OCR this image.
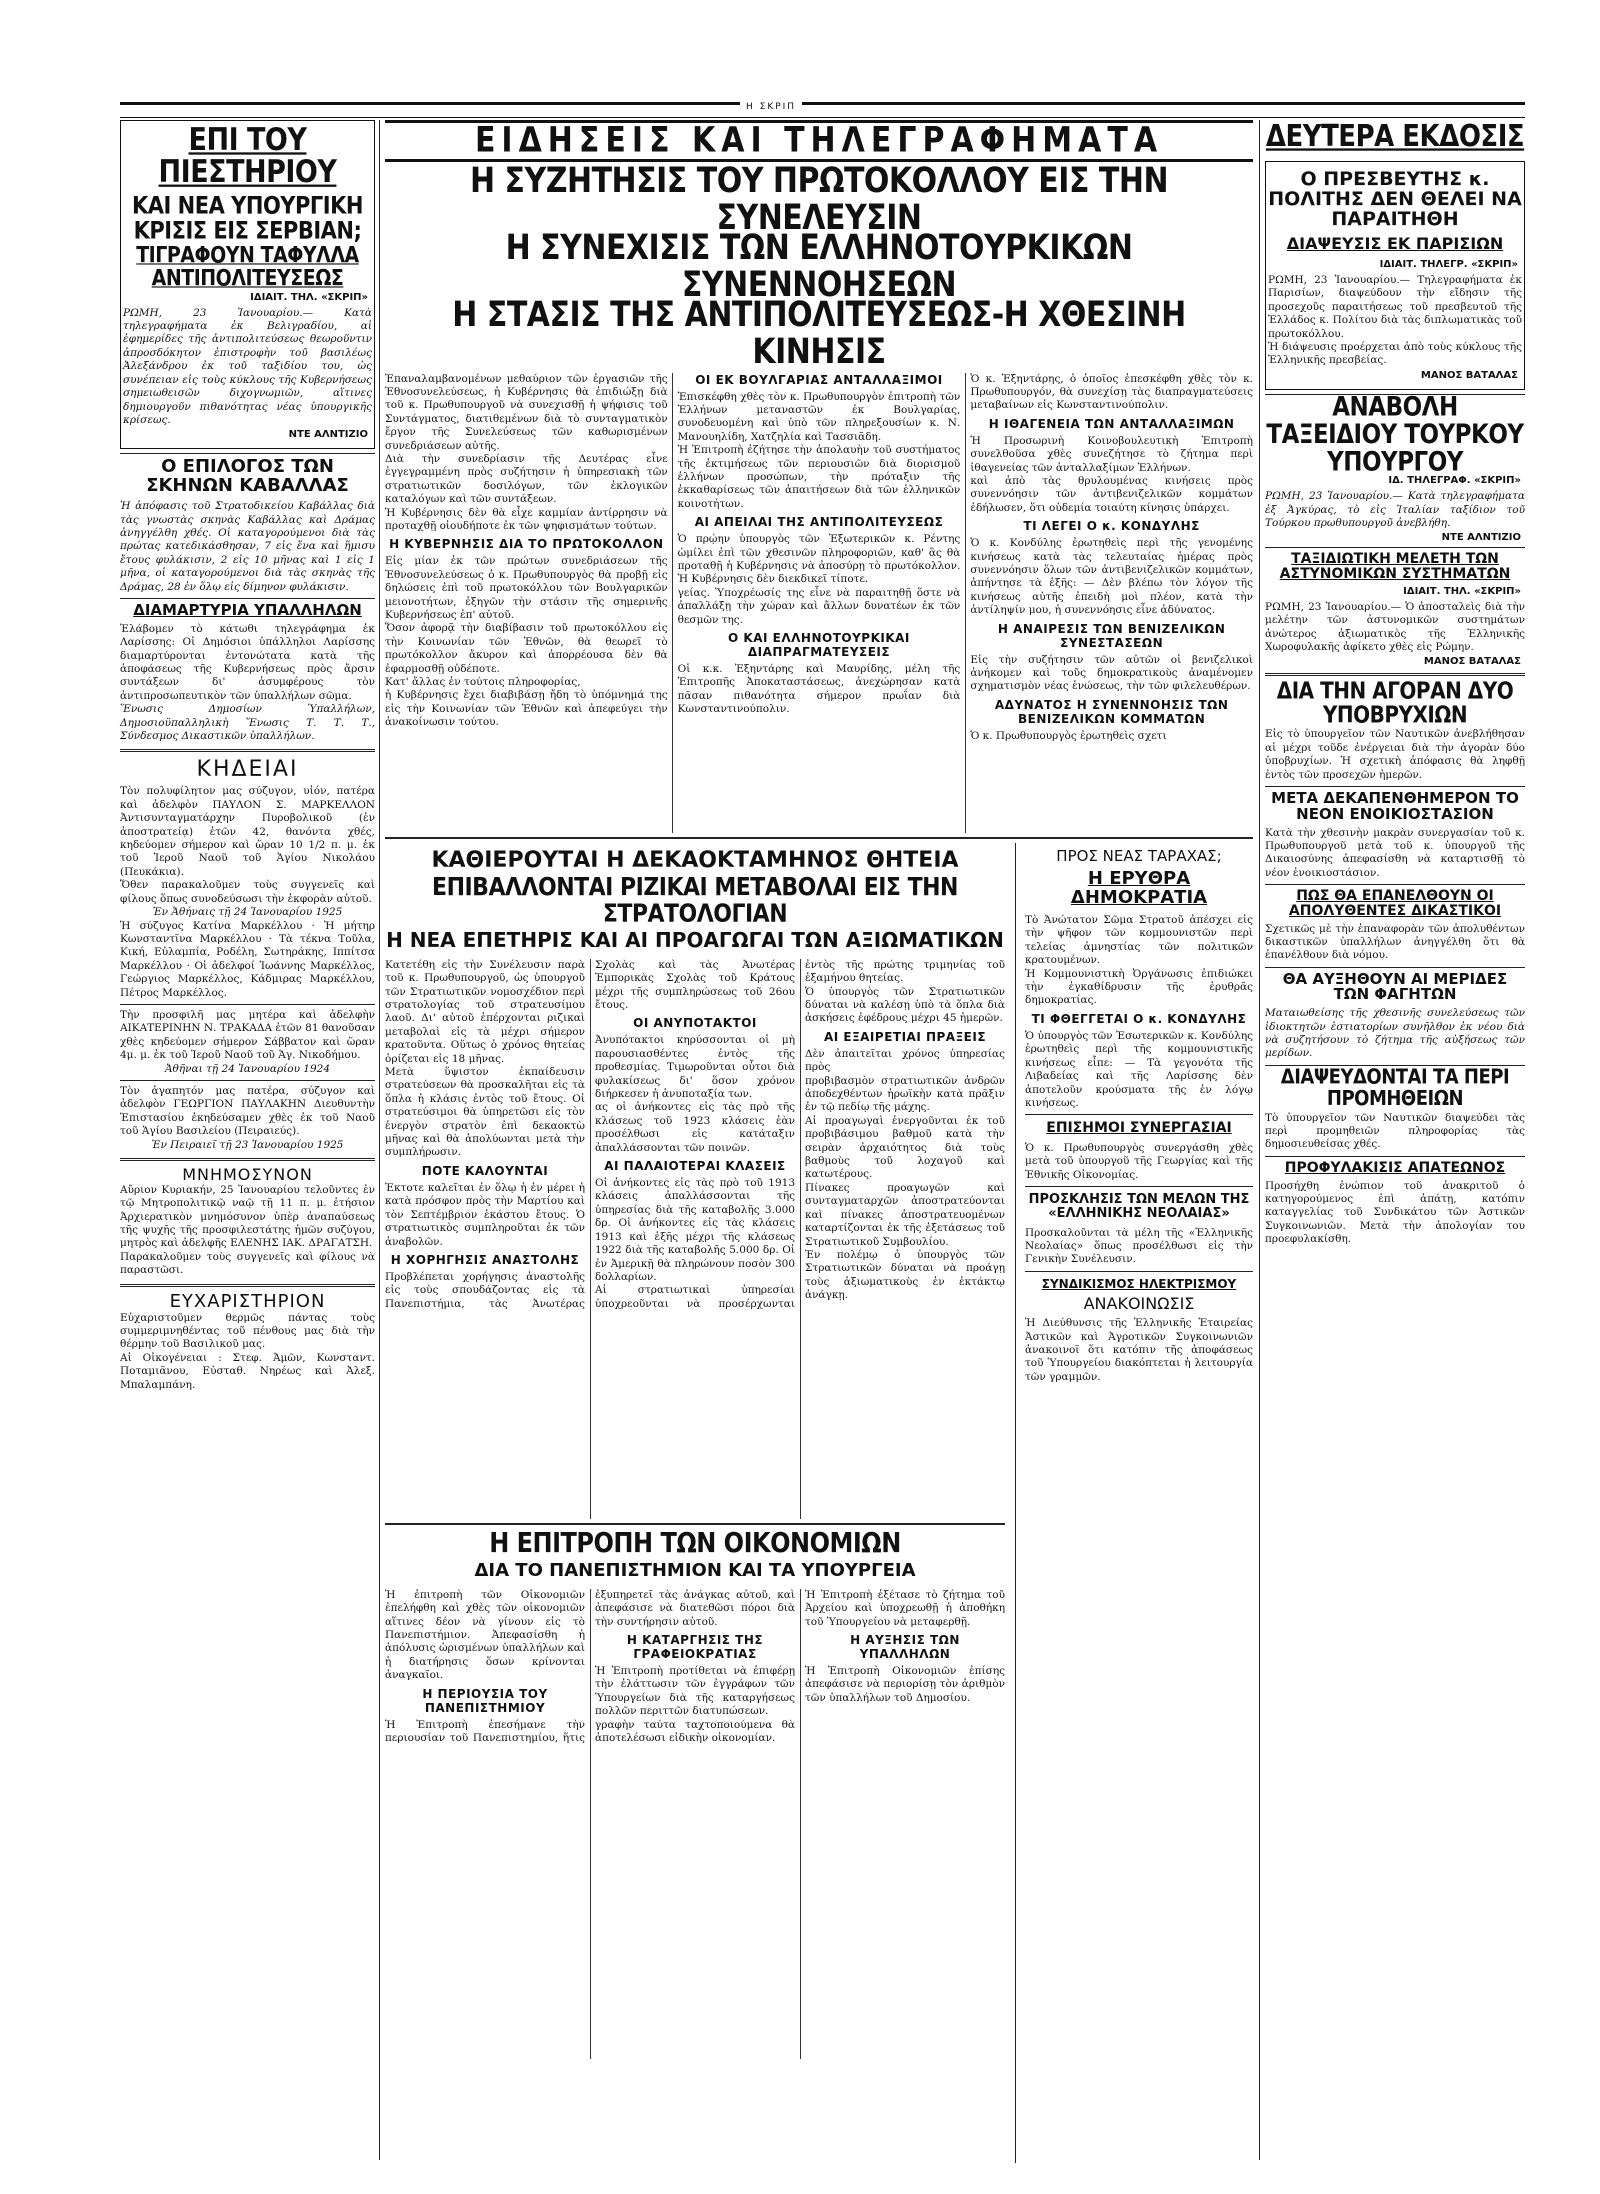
Η ΣΚΡΙΠ

ΕΠΙ ΤΟΥ ΠΙΕΣΤΗΡΙΟΥ

ΚΑΙ ΝΕΑ ΥΠΟΥΡΓΙΚΗ ΚΡΙΣΙΣ ΕΙΣ ΣΕΡΒΙΑΝ;

ΤΙΓΡΑΦΟΥΝ ΤΑΦΥΛΛΑ ΑΝΤΙΠΟΛΙΤΕΥΣΕΩΣ

ΙΔΙΑΙΤ. ΤΗΛ. «ΣΚΡΙΠ»

ΡΩΜΗ, 23 Ἰανουαρίου.— Κατὰ τηλεγραφήματα ἐκ Βελιγραδίου, αἱ ἐφημερίδες τῆς ἀντιπολιτεύσεως θεωροῦντιν ἀπροσδόκητον ἐπιστροφὴν τοῦ βασιλέως Ἀλεξάνδρου ἐκ τοῦ ταξιδίου του, ὡς συνέπειαν εἰς τοὺς κύκλους τῆς Κυβερνήσεως σημειωθεισῶν διχογνωμιῶν, αἵτινες δημιουργοῦν πιθανότητας νέας ὑπουργικῆς κρίσεως.

ΝΤΕ ΑΛΝΤΙΖΙΟ

Ο ΕΠΙΛΟΓΟΣ ΤΩΝ ΣΚΗΝΩΝ ΚΑΒΑΛΛΑΣ

Ἡ ἀπόφασις τοῦ Στρατοδικείου Καβάλλας διὰ τὰς γνωστὰς σκηνὰς Καβάλλας καὶ Δράμας ἀνηγγέλθη χθές. Οἱ καταγορούμενοι διὰ τὰς πρώτας κατεδικάσθησαν, 7 εἰς ἕνα καὶ ἥμισυ ἔτους φυλάκισιν, 2 εἰς 10 μῆνας καὶ 1 εἰς 1 μῆνα, οἱ καταγορούμενοι διὰ τὰς σκηνὰς τῆς Δράμας, 28 ἐν ὅλῳ εἰς δίμηνον φυλάκισιν.

ΔΙΑΜΑΡΤΥΡΙΑ ΥΠΑΛΛΗΛΩΝ

Ἐλάβομεν τὸ κάτωθι τηλεγράφημα ἐκ Λαρίσσης: Οἱ Δημόσιοι ὑπάλληλοι Λαρίσσης διαμαρτύρονται ἐντονώτατα κατὰ τῆς ἀποφάσεως τῆς Κυβερνήσεως πρὸς ἄρσιν συντάξεων δι' ἀσυμφέρους τὸν ἀντιπροσωπευτικὸν τῶν ὑπαλλήλων σῶμα.

Ἕνωσις Δημοσίων Ὑπαλλήλων, Δημοσιοϋπαλληλικὴ Ἕνωσις Τ. Τ. Τ., Σύνδεσμος Δικαστικῶν ὑπαλλήλων.

ΚΗΔΕΙΑΙ

Τὸν πολυφίλητον μας σύζυγον, υἱόν, πατέρα καὶ ἀδελφὸν ΠΑΥΛΟΝ Σ. ΜΑΡΚΕΛΛΟΝ Ἀντισυνταγματάρχην Πυροβολικοῦ (ἐν ἀποστρατείᾳ) ἐτῶν 42, θανόντα χθές, κηδεύομεν σήμερον καὶ ὥραν 10 1/2 π. μ. ἐκ τοῦ Ἱεροῦ Ναοῦ τοῦ Ἁγίου Νικολάου (Πευκάκια).

Ὅθεν παρακαλοῦμεν τοὺς συγγενεῖς καὶ φίλους ὅπως συνοδεύσωσι τὴν ἐκφορὰν αὐτοῦ.

Ἐν Ἀθήναις τῇ 24 Ἰανουαρίου 1925

Ἡ σύζυγος Κατίνα Μαρκέλλου · Ἡ μήτηρ Κωνσταντῖνα Μαρκέλλου · Τὰ τέκνα Τοῦλα, Κική, Εὐλαμπία, Ροδέλη, Σωτηράκης, Ιππίτσα Μαρκέλλου · Οἱ ἀδελφοί Ἰωάννης Μαρκέλλος, Γεώργιος Μαρκέλλος, Κάδμιρας Μαρκέλλου, Πέτρος Μαρκέλλος.

Τὴν προσφιλῆ μας μητέρα καὶ ἀδελφὴν ΑΙΚΑΤΕΡΙΝΗΝ Ν. ΤΡΑΚΑΔΑ ἐτῶν 81 θανοῦσαν χθὲς κηδεύομεν σήμερον Σάββατον καὶ ὥραν 4μ. μ. ἐκ τοῦ Ἱεροῦ Ναοῦ τοῦ Ἁγ. Νικοδήμου.

Ἀθῆναι τῇ 24 Ἰανουαρίου 1924

Τὸν ἀγαπητόν μας πατέρα, σύζυγον καὶ ἀδελφὸν ΓΕΩΡΓΙΟΝ ΠΑΥΛΑΚΗΝ Διευθυντὴν Ἐπιστασίου ἐκηδεύσαμεν χθὲς ἐκ τοῦ Ναοῦ τοῦ Ἁγίου Βασιλείου (Πειραιεύς).

Ἐν Πειραιεῖ τῇ 23 Ἰανουαρίου 1925

ΜΝΗΜΟΣΥΝΟΝ

Αὔριον Κυριακήν, 25 Ἰανουαρίου τελοῦντες ἐν τῷ Μητροπολιτικῷ ναῷ τῇ 11 π. μ. ἐτήσιον Ἀρχιερατικὸν μνημόσυνον ὑπὲρ ἀναπαύσεως τῆς ψυχῆς τῆς προσφιλεστάτης ἡμῶν συζύγου, μητρὸς καὶ ἀδελφῆς ΕΛΕΝΗΣ ΙΑΚ. ΔΡΑΓΑΤΣΗ.

Παρακαλοῦμεν τοὺς συγγενεῖς καὶ φίλους νὰ παραστῶσι.

ΕΥΧΑΡΙΣΤΗΡΙΟΝ

Εὐχαριστοῦμεν θερμῶς πάντας τοὺς συμμεριμνηθέντας τοῦ πένθους μας διὰ τὴν θέρμην τοῦ Βασιλικοῦ μας.

Αἱ Οἰκογένειαι : Στεφ. Ἀμῶν, Κωνσταντ. Ποταμιᾶνου, Εὐσταθ. Νηρέως καὶ Ἀλεξ. Μπαλαμπάνη.

ΕΙΔΗΣΕΙΣ ΚΑΙ ΤΗΛΕΓΡΑΦΗΜΑΤΑ

Η ΣΥΖΗΤΗΣΙΣ ΤΟΥ ΠΡΩΤΟΚΟΛΛΟΥ ΕΙΣ ΤΗΝ ΣΥΝΕΛΕΥΣΙΝ

Η ΣΥΝΕΧΙΣΙΣ ΤΩΝ ΕΛΛΗΝΟΤΟΥΡΚΙΚΩΝ ΣΥΝΕΝΝΟΗΣΕΩΝ

Η ΣΤΑΣΙΣ ΤΗΣ ΑΝΤΙΠΟΛΙΤΕΥΣΕΩΣ-Η ΧΘΕΣΙΝΗ ΚΙΝΗΣΙΣ

Ἐπαναλαμβανομένων μεθαύριον τῶν ἐργασιῶν τῆς Ἐθνοσυνελεύσεως, ἡ Κυβέρνησις θὰ ἐπιδιώξῃ διὰ τοῦ κ. Πρωθυπουργοῦ νὰ συνεχισθῇ ἡ ψήφισις τοῦ Συντάγματος, διατιθεμένων διὰ τὸ συνταγματικὸν ἔργον τῆς Συνελεύσεως τῶν καθωρισμένων συνεδριάσεων αὐτῆς.

Διὰ τὴν συνεδρίασιν τῆς Δευτέρας εἶνε ἐγγεγραμμένη πρὸς συζήτησιν ἡ ὑπηρεσιακὴ τῶν στρατιωτικῶν δοσιλόγων, τῶν ἐκλογικῶν καταλόγων καὶ τῶν συντάξεων.

Ἡ Κυβέρνησις δὲν θὰ εἶχε καμμίαν ἀντίρρησιν νὰ προταχθῇ οἱουδήποτε ἐκ τῶν ψηφισμάτων τούτων.

Η ΚΥΒΕΡΝΗΣΙΣ ΔΙΑ ΤΟ ΠΡΩΤΟΚΟΛΛΟΝ

Εἰς μίαν ἐκ τῶν πρώτων συνεδριάσεων τῆς Ἐθνοσυνελεύσεως ὁ κ. Πρωθυπουργὸς θὰ προβῇ εἰς δηλώσεις ἐπὶ τοῦ πρωτοκόλλου τῶν Βουλγαρικῶν μειονοτήτων, ἐξηγῶν τὴν στάσιν τῆς σημερινῆς Κυβερνήσεως ἐπ' αὐτοῦ.

Ὅσον ἀφορᾷ τὴν διαβίβασιν τοῦ πρωτοκόλλου εἰς τὴν Κοινωνίαν τῶν Ἐθνῶν, θὰ θεωρεῖ τὸ πρωτόκολλον ἄκυρον καὶ ἀπορρέουσα δὲν θὰ ἐφαρμοσθῇ οὐδέποτε.

Κατ' ἄλλας ἐν τούτοις πληροφορίας,

ἡ Κυβέρνησις ἔχει διαβιβάσῃ ἤδη τὸ ὑπόμνημά της εἰς τὴν Κοινωνίαν τῶν Ἐθνῶν καὶ ἀπεφεύγει τὴν ἀνακοίνωσιν τούτου.

ΟΙ ΕΚ ΒΟΥΛΓΑΡΙΑΣ ΑΝΤΑΛΛΑΞΙΜΟΙ

Ἐπισκέφθη χθὲς τὸν κ. Πρωθυπουργὸν ἐπιτροπὴ τῶν Ἑλλήνων μεταναστῶν ἐκ Βουλγαρίας, συνοδευομένη καὶ ὑπὸ τῶν πληρεξουσίων κ. Ν. Μανουηλίδη, Χατζηλία καὶ Τασσιᾶδη.

Ἡ Ἐπιτροπὴ ἐζήτησε τὴν ἀπολαυὴν τοῦ συστήματος τῆς ἐκτιμήσεως τῶν περιουσιῶν διὰ διορισμοῦ ἑλλήνων προσώπων, τὴν πρόταξιν τῆς ἐκκαθαρίσεως τῶν ἀπαιτήσεων διὰ τῶν ἑλληνικῶν κοινοτήτων.

ΑΙ ΑΠΕΙΛΑΙ ΤΗΣ ΑΝΤΙΠΟΛΙΤΕΥΣΕΩΣ

Ὁ πρῴην ὑπουργὸς τῶν Ἐξωτερικῶν κ. Ρέντης ὡμίλει ἐπὶ τῶν χθεσινῶν πληροφοριῶν, καθ' ἃς θὰ προταθῇ ἡ Κυβέρνησις νὰ ἀποσύρῃ τὸ πρωτόκολλον. Ἡ Κυβέρνησις δὲν διεκδικεῖ τίποτε.

γείας. Ὑποχρέωσίς της εἶνε νὰ παραιτηθῇ ὅστε νὰ ἀπαλλάξῃ τὴν χώραν καὶ ἄλλων δυνατέων ἐκ τῶν θεσμῶν της.

Ο ΚΑΙ ΕΛΛΗΝΟΤΟΥΡΚΙΚΑΙ ΔΙΑΠΡΑΓΜΑΤΕΥΣΕΙΣ

Οἱ κ.κ. Ἐξηντάρης καὶ Μαυρίδης, μέλη τῆς Ἐπιτροπῆς Ἀποκαταστάσεως, ἀνεχώρησαν κατὰ πᾶσαν πιθανότητα σήμερον πρωΐαν διὰ Κωνσταντινούπολιν.

Ὁ κ. Ἐξηντάρης, ὁ ὁποῖος ἐπεσκέφθη χθὲς τὸν κ. Πρωθυπουργόν, θὰ συνεχίσῃ τὰς διαπραγματεύσεις μεταβαίνων εἰς Κωνσταντινούπολιν.

Η ΙΘΑΓΕΝΕΙΑ ΤΩΝ ΑΝΤΑΛΛΑΞΙΜΩΝ

Ἡ Προσωρινὴ Κοινοβουλευτικὴ Ἐπιτροπὴ συνελθοῦσα χθὲς συνεζήτησε τὸ ζήτημα περὶ ἰθαγενείας τῶν ἀνταλλαξίμων Ἑλλήνων.

καὶ ἀπὸ τὰς θρυλουμένας κινήσεις πρὸς συνεννόησιν τῶν ἀντιβενιζελικῶν κομμάτων ἐδήλωσεν, ὅτι οὐδεμία τοιαύτη κίνησις ὑπάρχει.

ΤΙ ΛΕΓΕΙ Ο κ. ΚΟΝΔΥΛΗΣ

Ὁ κ. Κονδύλης ἐρωτηθεὶς περὶ τῆς γενομένης κινήσεως κατὰ τὰς τελευταίας ἡμέρας πρὸς συνεννόησιν ὅλων τῶν ἀντιβενιζελικῶν κομμάτων, ἀπήντησε τὰ ἑξῆς: — Δὲν βλέπω τὸν λόγον τῆς κινήσεως αὐτῆς ἐπειδὴ μοὶ πλέον, κατὰ τὴν ἀντίληψίν μου, ἡ συνεννόησις εἶνε ἀδύνατος.

Η ΑΝΑΙΡΕΣΙΣ ΤΩΝ ΒΕΝΙΖΕΛΙΚΩΝ ΣΥΝΕΣΤΑΣΕΩΝ

Εἰς τὴν συζήτησιν τῶν αὐτῶν οἱ βενιζελικοὶ ἀνήκομεν καὶ τοῦς δημοκρατικοὺς ἀναμένομεν σχηματισμὸν νέας ἑνώσεως, τὴν τῶν φιλελευθέρων.

ΑΔΥΝΑΤΟΣ Η ΣΥΝΕΝΝΟΗΣΙΣ ΤΩΝ ΒΕΝΙΖΕΛΙΚΩΝ ΚΟΜΜΑΤΩΝ

Ὁ κ. Πρωθυπουργὸς ἐρωτηθεὶς σχετι

ΚΑΘΙΕΡΟΥΤΑΙ Η ΔΕΚΑΟΚΤΑΜΗΝΟΣ ΘΗΤΕΙΑ

ΕΠΙΒΑΛΛΟΝΤΑΙ ΡΙΖΙΚΑΙ ΜΕΤΑΒΟΛΑΙ ΕΙΣ ΤΗΝ ΣΤΡΑΤΟΛΟΓΙΑΝ

Η ΝΕΑ ΕΠΕΤΗΡΙΣ ΚΑΙ ΑΙ ΠΡΟΑΓΩΓΑΙ ΤΩΝ ΑΞΙΩΜΑΤΙΚΩΝ

Κατετέθη εἰς τὴν Συνέλευσιν παρὰ τοῦ κ. Πρωθυπουργοῦ, ὡς ὑπουργοῦ τῶν Στρατιωτικῶν νομοσχέδιον περὶ στρατολογίας τοῦ στρατευσίμου λαοῦ. Δι' αὐτοῦ ἐπέρχονται ριζικαὶ μεταβολαὶ εἰς τὰ μέχρι σήμερον κρατοῦντα. Οὕτως ὁ χρόνος θητείας ὁρίζεται εἰς 18 μῆνας.

Μετὰ ὕψιστον ἐκπαίδευσιν στρατεύσεων θὰ προσκαλῆται εἰς τὰ ὅπλα ἡ κλάσις ἐντὸς τοῦ ἔτους. Οἱ στρατεύσιμοι θὰ ὑπηρετῶσι εἰς τὸν ἐνεργὸν στρατὸν ἐπὶ δεκαοκτὼ μῆνας καὶ θὰ ἀπολύωνται μετὰ τὴν συμπλήρωσιν.

ΠΟΤΕ ΚΑΛΟΥΝΤΑΙ

Ἐκτοτε καλεῖται ἐν ὅλῳ ἡ ἐν μέρει ἡ κατὰ πρόσφον πρὸς τὴν Μαρτίου καὶ τὸν Σεπτέμβριον ἑκάστου ἔτους. Ὁ στρατιωτικὸς συμπληροῦται ἐκ τῶν ἀναβολῶν.

Η ΧΟΡΗΓΗΣΙΣ ΑΝΑΣΤΟΛΗΣ

Προβλέπεται χορήγησις ἀναστολῆς εἰς τοὺς σπουδάζοντας εἰς τὰ Πανεπιστήμια, τὰς Ἀνωτέρας Σχολὰς καὶ τὰς Ἀνωτέρας Ἐμπορικὰς Σχολὰς τοῦ Κράτους μέχρι τῆς συμπληρώσεως τοῦ 26ου ἔτους.

ΟΙ ΑΝΥΠΟΤΑΚΤΟΙ

Ἀνυπότακτοι κηρύσσονται οἱ μὴ παρουσιασθέντες ἐντὸς τῆς προθεσμίας. Τιμωροῦνται οὗτοι διὰ φυλακίσεως δι' ὅσον χρόνον διήρκεσεν ἡ ἀνυποταξία των.

ας οἱ ἀνήκοντες εἰς τὰς πρὸ τῆς κλάσεως τοῦ 1923 κλάσεις ἐὰν προσέλθωσι εἰς κατάταξιν ἀπαλλάσσονται τῶν ποινῶν.

ΑΙ ΠΑΛΑΙΟΤΕΡΑΙ ΚΛΑΣΕΙΣ

Οἱ ἀνήκοντες εἰς τὰς πρὸ τοῦ 1913 κλάσεις ἀπαλλάσσονται τῆς ὑπηρεσίας διὰ τῆς καταβολῆς 3.000 δρ. Οἱ ἀνήκοντες εἰς τὰς κλάσεις 1913 καὶ ἑξῆς μέχρι τῆς κλάσεως 1922 διὰ τῆς καταβολῆς 5.000 δρ. Οἱ ἐν Ἀμερικῇ θὰ πληρώνουν ποσὸν 300 δολλαρίων.

Αἱ στρατιωτικαὶ ὑπηρεσίαι ὑποχρεοῦνται νὰ προσέρχωνται ἐντὸς τῆς πρώτης τριμηνίας τοῦ ἑξαμήνου θητείας.

Ὁ ὑπουργὸς τῶν Στρατιωτικῶν δύναται νὰ καλέσῃ ὑπὸ τὰ ὅπλα διὰ ἀσκήσεις ἐφέδρους μέχρι 45 ἡμερῶν.

ΑΙ ΕΞΑΙΡΕΤΙΑΙ ΠΡΑΞΕΙΣ

Δὲν ἀπαιτεῖται χρόνος ὑπηρεσίας πρὸς

προβιβασμὸν στρατιωτικῶν ἀνδρῶν ἀποδεχθέντων ἡρωϊκὴν κατὰ πρᾶξιν ἐν τῷ πεδίῳ τῆς μάχης.

Αἱ προαγωγαὶ ἐνεργοῦνται ἐκ τοῦ προβιβάσιμου βαθμοῦ κατὰ τὴν σειρὰν ἀρχαιότητος διὰ τοὺς βαθμοὺς τοῦ λοχαγοῦ καὶ κατωτέρους.

Πίνακες προαγωγῶν καὶ συνταγματαρχῶν ἀποστρατεύονται καὶ πίνακες ἀποστρατευομένων καταρτίζονται ἐκ τῆς ἐξετάσεως τοῦ Στρατιωτικοῦ Συμβουλίου.

Ἐν πολέμῳ ὁ ὑπουργὸς τῶν Στρατιωτικῶν δύναται νὰ προάγῃ τοὺς ἀξιωματικοὺς ἐν ἐκτάκτῳ ἀνάγκῃ.

Η ΕΠΙΤΡΟΠΗ ΤΩΝ ΟΙΚΟΝΟΜΙΩΝ

ΔΙΑ ΤΟ ΠΑΝΕΠΙΣΤΗΜΙΟΝ ΚΑΙ ΤΑ ΥΠΟΥΡΓΕΙΑ

Ἡ ἐπιτροπὴ τῶν Οἰκονομιῶν ἐπελήφθη καὶ χθὲς τῶν οἰκονομιῶν αἵτινες δέον νὰ γίνουν εἰς τὸ Πανεπιστήμιον. Ἀπεφασίσθη ἡ ἀπόλυσις ὡρισμένων ὑπαλλήλων καὶ ἡ διατήρησις ὅσων κρίνονται ἀναγκαῖοι.

Η ΠΕΡΙΟΥΣΙΑ ΤΟΥ ΠΑΝΕΠΙΣΤΗΜΙΟΥ

Ἡ Ἐπιτροπὴ ἐπεσήμανε τὴν περιουσίαν τοῦ Πανεπιστημίου, ἥτις ἐξυπηρετεῖ τὰς ἀνάγκας αὐτοῦ, καὶ ἀπεφάσισε νὰ διατεθῶσι πόροι διὰ τὴν συντήρησιν αὐτοῦ.

Η ΚΑΤΑΡΓΗΣΙΣ ΤΗΣ ΓΡΑΦΕΙΟΚΡΑΤΙΑΣ

Ἡ Ἐπιτροπὴ προτίθεται νὰ ἐπιφέρῃ τὴν ἐλάττωσιν τῶν ἐγγράφων τῶν Ὑπουργείων διὰ τῆς καταργήσεως πολλῶν περιττῶν διατυπώσεων.

γραφὴν ταύτα ταχτοποιούμενα θὰ ἀποτελέσωσι εἰδικὴν οἰκονομίαν.

Ἡ Ἐπιτροπὴ ἐξέτασε τὸ ζήτημα τοῦ Ἀρχείου καὶ ὑποχρεωθῇ ἡ ἀποθήκη τοῦ Ὑπουργείου νὰ μεταφερθῇ.

Η ΑΥΞΗΣΙΣ ΤΩΝ ΥΠΑΛΛΗΛΩΝ

Ἡ Ἐπιτροπὴ Οἰκονομιῶν ἐπίσης ἀπεφάσισε νὰ περιορίσῃ τὸν ἀριθμὸν τῶν ὑπαλλήλων τοῦ Δημοσίου.

ΠΡΟΣ ΝΕΑΣ ΤΑΡΑΧΑΣ;

Η ΕΡΥΘΡΑ ΔΗΜΟΚΡΑΤΙΑ

Τὸ Ἀνώτατον Σῶμα Στρατοῦ ἀπέσχει εἰς τὴν ψῆφον τῶν κομμουνιστῶν περὶ τελείας ἀμνηστίας τῶν πολιτικῶν κρατουμένων.

Ἡ Κομμουνιστικὴ Ὀργάνωσις ἐπιδιώκει τὴν ἐγκαθίδρυσιν τῆς ἐρυθρᾶς δημοκρατίας.

ΤΙ ΦΘΕΓΓΕΤΑΙ Ο κ. ΚΟΝΔΥΛΗΣ

Ὁ ὑπουργὸς τῶν Ἐσωτερικῶν κ. Κονδύλης ἐρωτηθεὶς περὶ τῆς κομμουνιστικῆς κινήσεως εἶπε: — Τὰ γεγονότα τῆς Λιβαδείας καὶ τῆς Λαρίσσης δὲν ἀποτελοῦν κρούσματα τῆς ἐν λόγῳ κινήσεως.

ΕΠΙΣΗΜΟΙ ΣΥΝΕΡΓΑΣΙΑΙ

Ὁ κ. Πρωθυπουργὸς συνεργάσθη χθὲς μετὰ τοῦ ὑπουργοῦ τῆς Γεωργίας καὶ τῆς Ἐθνικῆς Οἰκονομίας.

ΠΡΟΣΚΛΗΣΙΣ ΤΩΝ ΜΕΛΩΝ ΤΗΣ «ΕΛΛΗΝΙΚΗΣ ΝΕΟΛΑΙΑΣ»

Προσκαλοῦνται τὰ μέλη τῆς «Ἑλληνικῆς Νεολαίας» ὅπως προσέλθωσι εἰς τὴν Γενικὴν Συνέλευσιν.

ΣΥΝΔΙΚΙΣΜΟΣ ΗΛΕΚΤΡΙΣΜΟΥ

ΑΝΑΚΟΙΝΩΣΙΣ

Ἡ Διεύθυνσις τῆς Ἑλληνικῆς Ἑταιρείας Ἀστικῶν καὶ Ἀγροτικῶν Συγκοινωνιῶν ἀνακοινοῖ ὅτι κατόπιν τῆς ἀποφάσεως τοῦ Ὑπουργείου διακόπτεται ἡ λειτουργία τῶν γραμμῶν.

ΔΕΥΤΕΡΑ ΕΚΔΟΣΙΣ

Ο ΠΡΕΣΒΕΥΤΗΣ κ. ΠΟΛΙΤΗΣ ΔΕΝ ΘΕΛΕΙ ΝΑ ΠΑΡΑΙΤΗΘΗ

ΔΙΑΨΕΥΣΙΣ ΕΚ ΠΑΡΙΣΙΩΝ

ΙΔΙΑΙΤ. ΤΗΛΕΓΡ. «ΣΚΡΙΠ»

ΡΩΜΗ, 23 Ἰανουαρίου.— Τηλεγραφήματα ἐκ Παρισίων, διαψεύδουν τὴν εἴδησιν τῆς προσεχοῦς παραιτήσεως τοῦ πρεσβευτοῦ τῆς Ἑλλάδος κ. Πολίτου διὰ τὰς διπλωματικὰς τοῦ πρωτοκόλλου.

Ἡ διάψευσις προέρχεται ἀπὸ τοὺς κύκλους τῆς Ἑλληνικῆς πρεσβείας.

ΜΑΝΟΣ ΒΑΤΑΛΑΣ

ΑΝΑΒΟΛΗ ΤΑΞΕΙΔΙΟΥ ΤΟΥΡΚΟΥ ΥΠΟΥΡΓΟΥ

ΙΔ. ΤΗΛΕΓΡΑΦ. «ΣΚΡΙΠ»

ΡΩΜΗ, 23 Ἰανουαρίου.— Κατὰ τηλεγραφήματα ἐξ Ἀγκύρας, τὸ εἰς Ἰταλίαν ταξίδιον τοῦ Τούρκου πρωθυπουργοῦ ἀνεβλήθη.

ΝΤΕ ΑΛΝΤΙΖΙΟ

ΤΑΞΙΔΙΩΤΙΚΗ ΜΕΛΕΤΗ ΤΩΝ ΑΣΤΥΝΟΜΙΚΩΝ ΣΥΣΤΗΜΑΤΩΝ

ΙΔΙΑΙΤ. ΤΗΛ. «ΣΚΡΙΠ»

ΡΩΜΗ, 23 Ἰανουαρίου.— Ὁ ἀποσταλεὶς διὰ τὴν μελέτην τῶν ἀστυνομικῶν συστημάτων ἀνώτερος ἀξιωματικὸς τῆς Ἑλληνικῆς Χωροφυλακῆς ἀφίκετο χθὲς εἰς Ρώμην.

ΜΑΝΟΣ ΒΑΤΑΛΑΣ

ΔΙΑ ΤΗΝ ΑΓΟΡΑΝ ΔΥΟ ΥΠΟΒΡΥΧΙΩΝ

Εἰς τὸ ὑπουργεῖον τῶν Ναυτικῶν ἀνεβλήθησαν αἱ μέχρι τοῦδε ἐνέργειαι διὰ τὴν ἀγορὰν δύο ὑποβρυχίων. Ἡ σχετικὴ ἀπόφασις θὰ ληφθῇ ἐντὸς τῶν προσεχῶν ἡμερῶν.

ΜΕΤΑ ΔΕΚΑΠΕΝΘΗΜΕΡΟΝ ΤΟ ΝΕΟΝ ΕΝΟΙΚΙΟΣΤΑΣΙΟΝ

Κατὰ τὴν χθεσινὴν μακρὰν συνεργασίαν τοῦ κ. Πρωθυπουργοῦ μετὰ τοῦ κ. ὑπουργοῦ τῆς Δικαιοσύνης ἀπεφασίσθη νὰ καταρτισθῇ τὸ νέον ἐνοικιοστάσιον.

ΠΩΣ ΘΑ ΕΠΑΝΕΛΘΟΥΝ ΟΙ ΑΠΟΛΥΘΕΝΤΕΣ ΔΙΚΑΣΤΙΚΟΙ

Σχετικῶς μὲ τὴν ἐπαναφορὰν τῶν ἀπολυθέντων δικαστικῶν ὑπαλλήλων ἀνηγγέλθη ὅτι θὰ ἐπανέλθουν διὰ νόμου.

ΘΑ ΑΥΞΗΘΟΥΝ ΑΙ ΜΕΡΙΔΕΣ ΤΩΝ ΦΑΓΗΤΩΝ

Ματαιωθείσης τῆς χθεσινῆς συνελεύσεως τῶν ἰδιοκτητῶν ἑστιατορίων συνῆλθον ἐκ νέου διὰ νὰ συζητήσουν τὸ ζήτημα τῆς αὐξήσεως τῶν μερίδων.

ΔΙΑΨΕΥΔΟΝΤΑΙ ΤΑ ΠΕΡΙ ΠΡΟΜΗΘΕΙΩΝ

Τὸ ὑπουργεῖον τῶν Ναυτικῶν διαψεύδει τὰς περὶ προμηθειῶν πληροφορίας τὰς δημοσιευθείσας χθές.

ΠΡΟΦΥΛΑΚΙΣΙΣ ΑΠΑΤΕΩΝΟΣ

Προσήχθη ἐνώπιον τοῦ ἀνακριτοῦ ὁ κατηγορούμενος ἐπὶ ἀπάτῃ, κατόπιν καταγγελίας τοῦ Συνδικάτου τῶν Ἀστικῶν Συγκοινωνιῶν. Μετὰ τὴν ἀπολογίαν του προεφυλακίσθη.
